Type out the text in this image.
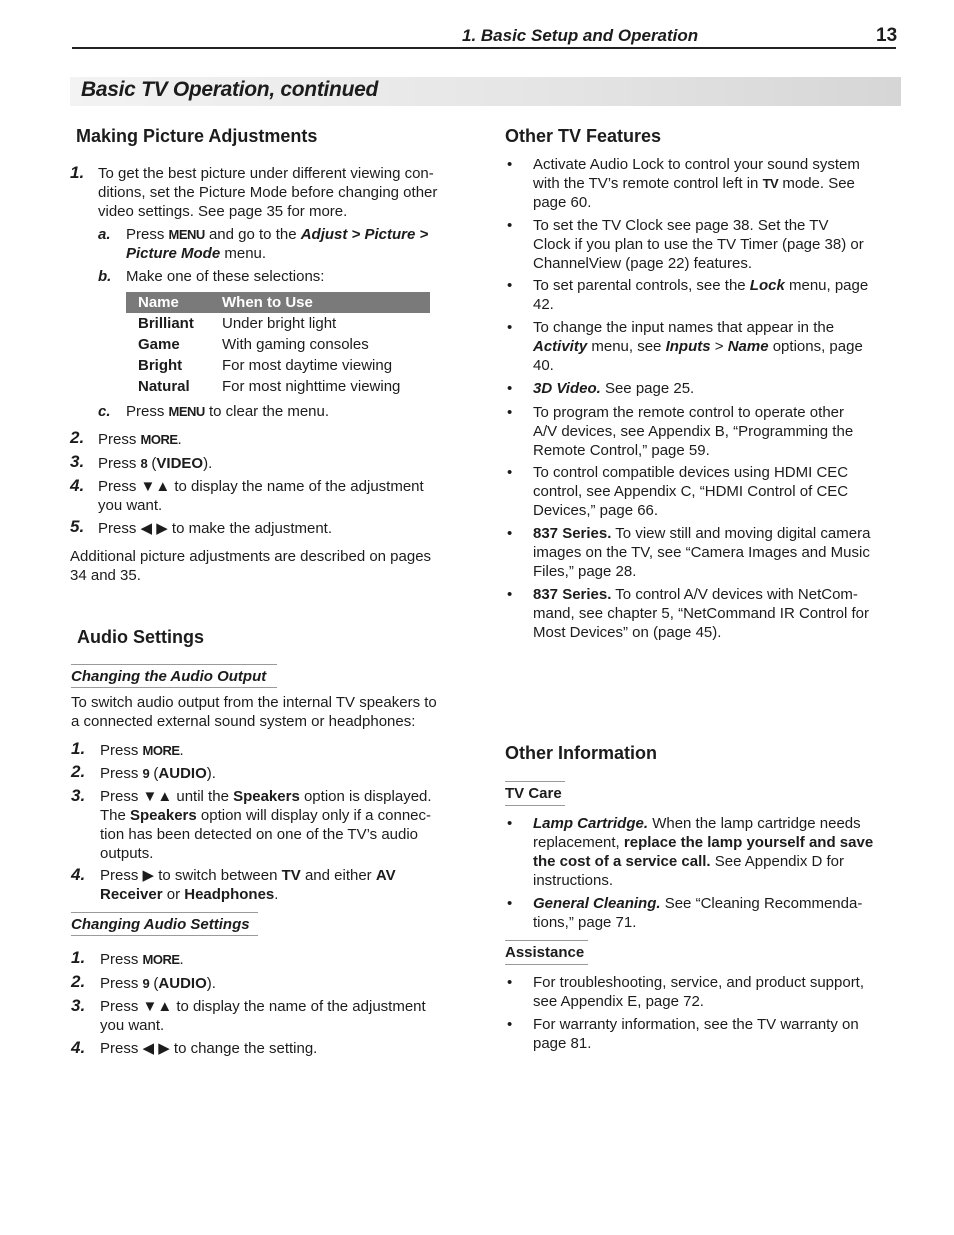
1. Basic Setup and Operation	13
Basic TV Operation, continued
Making Picture Adjustments
1. To get the best picture under different viewing con-
ditions, set the Picture Mode before changing other
video settings. See page 35 for more.
a. Press MENU and go to the Adjust > Picture >
Picture Mode menu.
b. Make one of these selections:
Name	When to Use
Brilliant	Under bright light
Game	With gaming consoles
Bright	For most daytime viewing
Natural	For most nighttime viewing
c. Press MENU to clear the menu.
2. Press MORE.
3. Press 8 (VIDEO).
4. Press ▼▲ to display the name of the adjustment
you want.
5. Press ◀ ▶ to make the adjustment.
Additional picture adjustments are described on pages
34 and 35.
Audio Settings
Changing the Audio Output
To switch audio output from the internal TV speakers to
a connected external sound system or headphones:
1. Press MORE.
2. Press 9 (AUDIO).
3. Press ▼▲ until the Speakers option is displayed.
The Speakers option will display only if a connec-
tion has been detected on one of the TV’s audio
outputs.
4. Press ▶ to switch between TV and either AV
Receiver or Headphones.
Changing Audio Settings
1. Press MORE.
2. Press 9 (AUDIO).
3. Press ▼▲ to display the name of the adjustment
you want.
4. Press ◀ ▶ to change the setting.
Other TV Features
• Activate Audio Lock to control your sound system
with the TV’s remote control left in TV mode. See
page 60.
• To set the TV Clock see page 38. Set the TV
Clock if you plan to use the TV Timer (page 38) or
ChannelView (page 22) features.
• To set parental controls, see the Lock menu, page
42.
• To change the input names that appear in the
Activity menu, see Inputs > Name options, page
40.
• 3D Video. See page 25.
• To program the remote control to operate other
A/V devices, see Appendix B, “Programming the
Remote Control,” page 59.
• To control compatible devices using HDMI CEC
control, see Appendix C, “HDMI Control of CEC
Devices,” page 66.
• 837 Series. To view still and moving digital camera
images on the TV, see “Camera Images and Music
Files,” page 28.
• 837 Series. To control A/V devices with NetCom-
mand, see chapter 5, “NetCommand IR Control for
Most Devices” on (page 45).
Other Information
TV Care
• Lamp Cartridge. When the lamp cartridge needs
replacement, replace the lamp yourself and save
the cost of a service call. See Appendix D for
instructions.
• General Cleaning. See “Cleaning Recommenda-
tions,” page 71.
Assistance
• For troubleshooting, service, and product support,
see Appendix E, page 72.
• For warranty information, see the TV warranty on
page 81.
